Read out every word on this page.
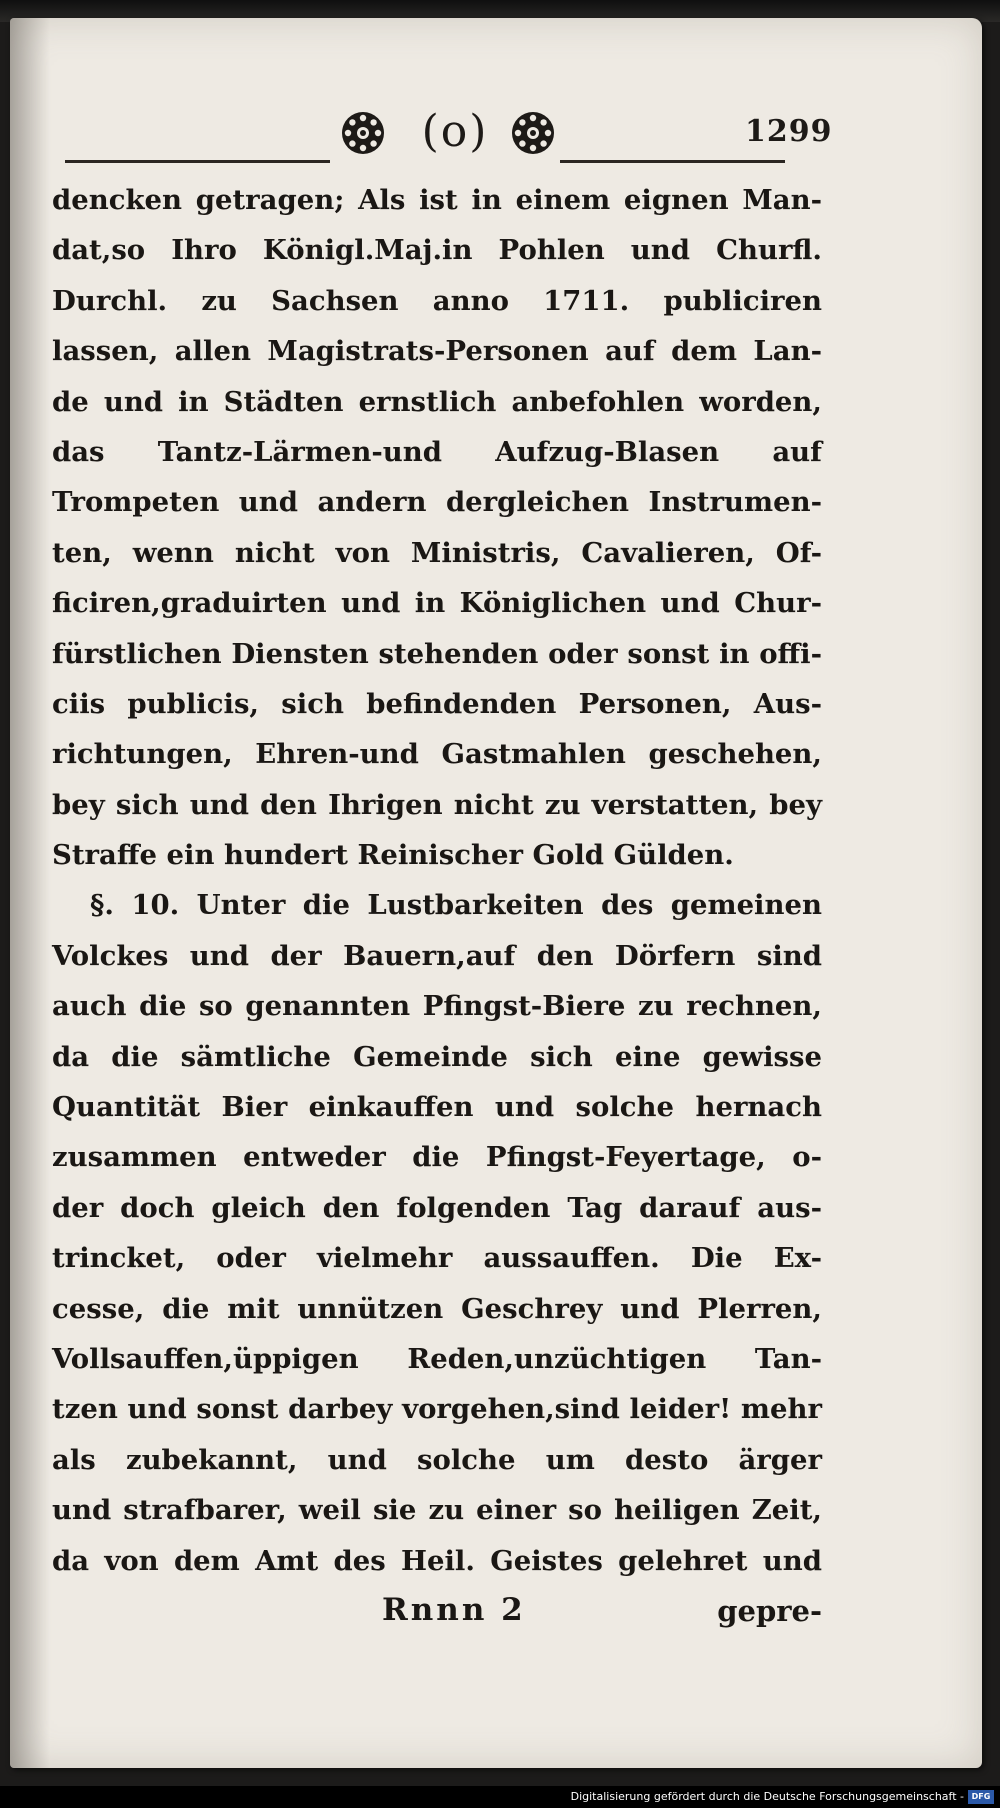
(o)	1299
dencken getragen; Als ist in einem eignen Man-
dat,so Ihro Königl.Maj.in Pohlen und Churfl.
Durchl. zu Sachsen anno 1711. publiciren
lassen, allen Magistrats-Personen auf dem Lan-
de und in Städten ernstlich anbefohlen worden,
das Tantz-Lärmen-und Aufzug-Blasen auf
Trompeten und andern dergleichen Instrumen-
ten, wenn nicht von Ministris, Cavalieren, Of-
ficiren,graduirten und in Königlichen und Chur-
fürstlichen Diensten stehenden oder sonst in offi-
ciis publicis, sich befindenden Personen, Aus-
richtungen, Ehren-und Gastmahlen geschehen,
bey sich und den Ihrigen nicht zu verstatten, bey
Straffe ein hundert Reinischer Gold Gülden.
§. 10. Unter die Lustbarkeiten des gemeinen
Volckes und der Bauern,auf den Dörfern sind
auch die so genannten Pfingst-Biere zu rechnen,
da die sämtliche Gemeinde sich eine gewisse
Quantität Bier einkauffen und solche hernach
zusammen entweder die Pfingst-Feyertage, o-
der doch gleich den folgenden Tag darauf aus-
trincket, oder vielmehr aussauffen. Die Ex-
cesse, die mit unnützen Geschrey und Plerren,
Vollsauffen,üppigen Reden,unzüchtigen Tan-
tzen und sonst darbey vorgehen,sind leider! mehr
als zubekannt, und solche um desto ärger
und strafbarer, weil sie zu einer so heiligen Zeit,
da von dem Amt des Heil. Geistes gelehret und
Rnnn 2	gepre-
Digitalisierung gefördert durch die Deutsche Forschungsgemeinschaft - DFG
